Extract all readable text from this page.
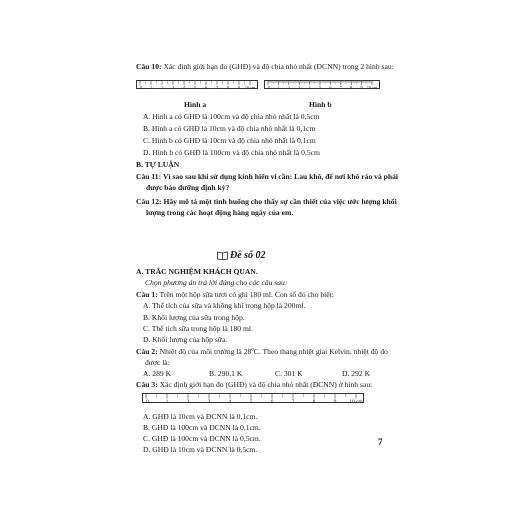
Câu 10: Xác định giới hạn đo (GHĐ) và độ chia nhỏ nhất (ĐCNN) trong 2 hình sau:
0 1 2 3 4 5 6 7 8 9 10 cm	0 1 2 3 4 5 6 7 8 9 10 cm
Hình a	Hình b
A. Hình a có GHĐ là 100cm và độ chia nhỏ nhất là 0,5cm
B. Hình a có GHĐ là 10cm và độ chia nhỏ nhất là 0,1cm
C. Hình b có GHĐ là 10cm và độ chia nhỏ nhất là 0,1cm
D. Hình b có GHĐ là 100cm và độ chia nhỏ nhất là 0,5cm
B. TỰ LUẬN
Câu 11: Vì sao sau khi sử dụng kính hiển vi cần: Lau khô, để nơi khô ráo và phải
được bảo dưỡng định kỳ?
Câu 12: Hãy mô tả một tình huống cho thấy sự cần thiết của việc ước lượng khối
lượng trong các hoạt động hàng ngày của em.
Đề số 02
A. TRẮC NGHIỆM KHÁCH QUAN.
Chọn phương án trả lời đúng cho các câu sau:
Câu 1: Trên một hộp sữa tươi có ghi 180 ml. Con số đó cho biết:
A. Thể tích của sữa và không khí trong hộp là 200ml.
B. Khối lượng của sữa trong hộp.
C. Thể tích sữa trong hộp là 180 ml.
D. Khối lượng của hộp sữa.
Câu 2: Nhiệt độ của môi trường là 28$^o$C. Theo thang nhiệt giai Kelvin, nhiệt độ đo
được là:
A. 289 K	B. 290,1 K	C. 301 K	D. 292 K
Câu 3: Xác định giới hạn đo (GHĐ) và độ chia nhỏ nhất (ĐCNN) ở hình sau:
0	1	2	3	4	5	6	7	8	9 10 cm
A. GHĐ là 10cm và ĐCNN là 0,1cm.
B. GHĐ là 100cm và ĐCNN là 0,1cm.
C. GHĐ là 100cm và ĐCNN là 0,5cm.
D. GHĐ là 10cm và ĐCNN là 0,5cm.
7
